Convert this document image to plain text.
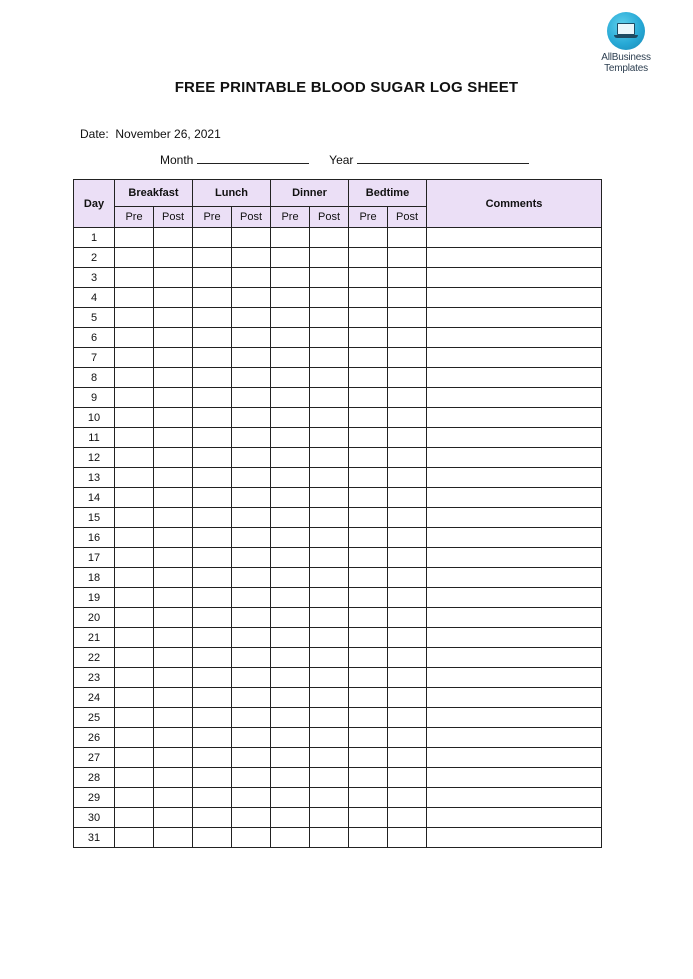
AllBusiness
Templates
FREE PRINTABLE BLOOD SUGAR LOG SHEET
Date: November 26, 2021
Month	Year
Day	Breakfast		Lunch		Dinner		Bedtime		Comments
	Pre	Post	Pre	Post	Pre	Post	Pre	Post	
1									
2									
3									
4									
5									
6									
7									
8									
9									
10									
11									
12									
13									
14									
15									
16									
17									
18									
19									
20									
21									
22									
23									
24									
25									
26									
27									
28									
29									
30									
31									
